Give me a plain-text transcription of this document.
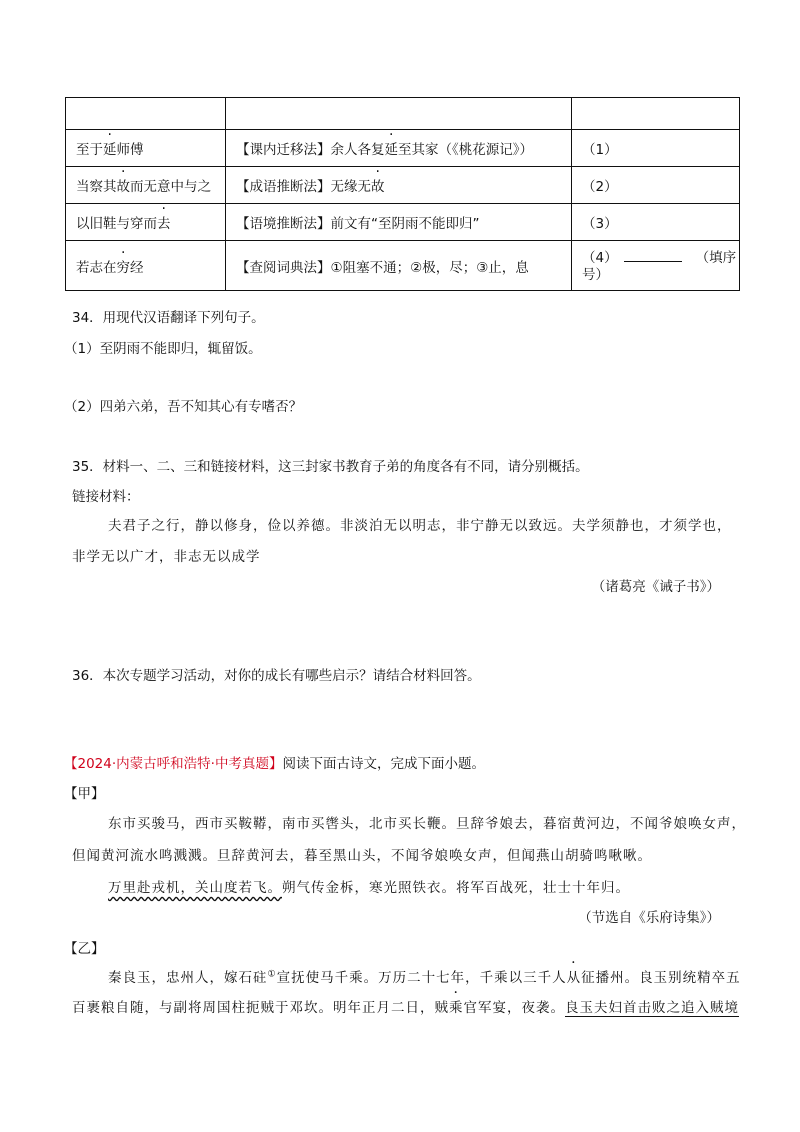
至于延师傅	【课内迁移法】余人各复延至其家（《桃花源记》）	（1）
当察其故而无意中与之	【成语推断法】无缘无故	（2）
以旧鞋与穿而去	【语境推断法】前文有“至阴雨不能即归”	（3）
若志在穷经	【查阅词典法】①阻塞不通；②极，尽；③止，息	（4） （填序
号）
34．用现代汉语翻译下列句子。
（1）至阴雨不能即归，辄留饭。
（2）四弟六弟，吾不知其心有专嗜否？
35．材料一、二、三和链接材料，这三封家书教育子弟的角度各有不同，请分别概括。
链接材料：
夫君子之行，静以修身，俭以养德。非淡泊无以明志，非宁静无以致远。夫学须静也，才须学也，
非学无以广才，非志无以成学
（诸葛亮《诫子书》）
36．本次专题学习活动，对你的成长有哪些启示？请结合材料回答。
【2024·内蒙古呼和浩特·中考真题】阅读下面古诗文，完成下面小题。
【甲】
东市买骏马，西市买鞍鞯，南市买辔头，北市买长鞭。旦辞爷娘去，暮宿黄河边，不闻爷娘唤女声，
但闻黄河流水鸣溅溅。旦辞黄河去，暮至黑山头，不闻爷娘唤女声，但闻燕山胡骑鸣啾啾。
万里赴戎机，关山度若飞。朔气传金柝，寒光照铁衣。将军百战死，壮士十年归。
（节选自《乐府诗集》）
【乙】
秦良玉，忠州人，嫁石砫①宣抚使马千乘。万历二十七年，千乘以三千人从征播州。良玉别统精卒五
百裹粮自随，与副将周国柱扼贼于邓坎。明年正月二日，贼乘官军宴，夜袭。良玉夫妇首击败之追入贼境
